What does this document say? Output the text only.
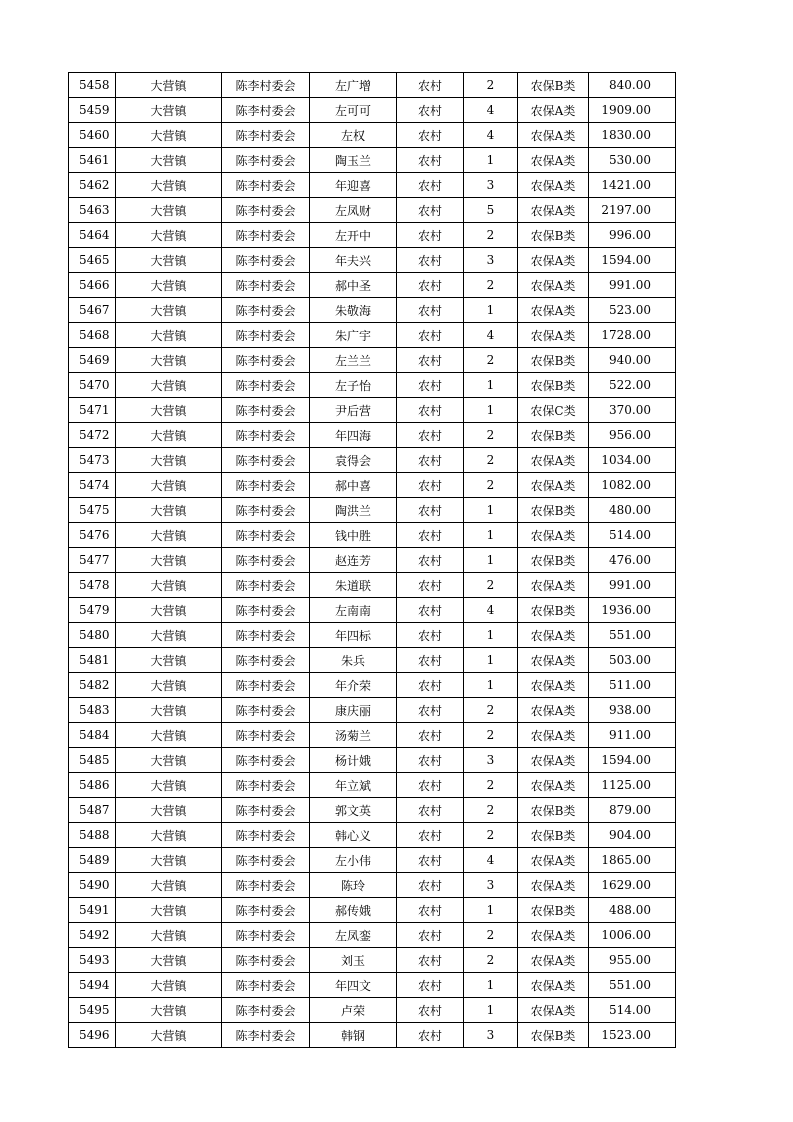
5458	大营镇	陈李村委会	左广增	农村	2	农保B类	840.00
5459	大营镇	陈李村委会	左可可	农村	4	农保A类	1909.00
5460	大营镇	陈李村委会	左权	农村	4	农保A类	1830.00
5461	大营镇	陈李村委会	陶玉兰	农村	1	农保A类	530.00
5462	大营镇	陈李村委会	年迎喜	农村	3	农保A类	1421.00
5463	大营镇	陈李村委会	左凤财	农村	5	农保A类	2197.00
5464	大营镇	陈李村委会	左开中	农村	2	农保B类	996.00
5465	大营镇	陈李村委会	年夫兴	农村	3	农保A类	1594.00
5466	大营镇	陈李村委会	郝中圣	农村	2	农保A类	991.00
5467	大营镇	陈李村委会	朱敬海	农村	1	农保A类	523.00
5468	大营镇	陈李村委会	朱广宇	农村	4	农保A类	1728.00
5469	大营镇	陈李村委会	左兰兰	农村	2	农保B类	940.00
5470	大营镇	陈李村委会	左子怡	农村	1	农保B类	522.00
5471	大营镇	陈李村委会	尹后营	农村	1	农保C类	370.00
5472	大营镇	陈李村委会	年四海	农村	2	农保B类	956.00
5473	大营镇	陈李村委会	袁得会	农村	2	农保A类	1034.00
5474	大营镇	陈李村委会	郝中喜	农村	2	农保A类	1082.00
5475	大营镇	陈李村委会	陶洪兰	农村	1	农保B类	480.00
5476	大营镇	陈李村委会	钱中胜	农村	1	农保A类	514.00
5477	大营镇	陈李村委会	赵连芳	农村	1	农保B类	476.00
5478	大营镇	陈李村委会	朱道联	农村	2	农保A类	991.00
5479	大营镇	陈李村委会	左南南	农村	4	农保B类	1936.00
5480	大营镇	陈李村委会	年四标	农村	1	农保A类	551.00
5481	大营镇	陈李村委会	朱兵	农村	1	农保A类	503.00
5482	大营镇	陈李村委会	年介荣	农村	1	农保A类	511.00
5483	大营镇	陈李村委会	康庆丽	农村	2	农保A类	938.00
5484	大营镇	陈李村委会	汤菊兰	农村	2	农保A类	911.00
5485	大营镇	陈李村委会	杨计娥	农村	3	农保A类	1594.00
5486	大营镇	陈李村委会	年立斌	农村	2	农保A类	1125.00
5487	大营镇	陈李村委会	郭文英	农村	2	农保B类	879.00
5488	大营镇	陈李村委会	韩心义	农村	2	农保B类	904.00
5489	大营镇	陈李村委会	左小伟	农村	4	农保A类	1865.00
5490	大营镇	陈李村委会	陈玲	农村	3	农保A类	1629.00
5491	大营镇	陈李村委会	郝传娥	农村	1	农保B类	488.00
5492	大营镇	陈李村委会	左凤銮	农村	2	农保A类	1006.00
5493	大营镇	陈李村委会	刘玉	农村	2	农保A类	955.00
5494	大营镇	陈李村委会	年四文	农村	1	农保A类	551.00
5495	大营镇	陈李村委会	卢荣	农村	1	农保A类	514.00
5496	大营镇	陈李村委会	韩钢	农村	3	农保B类	1523.00
